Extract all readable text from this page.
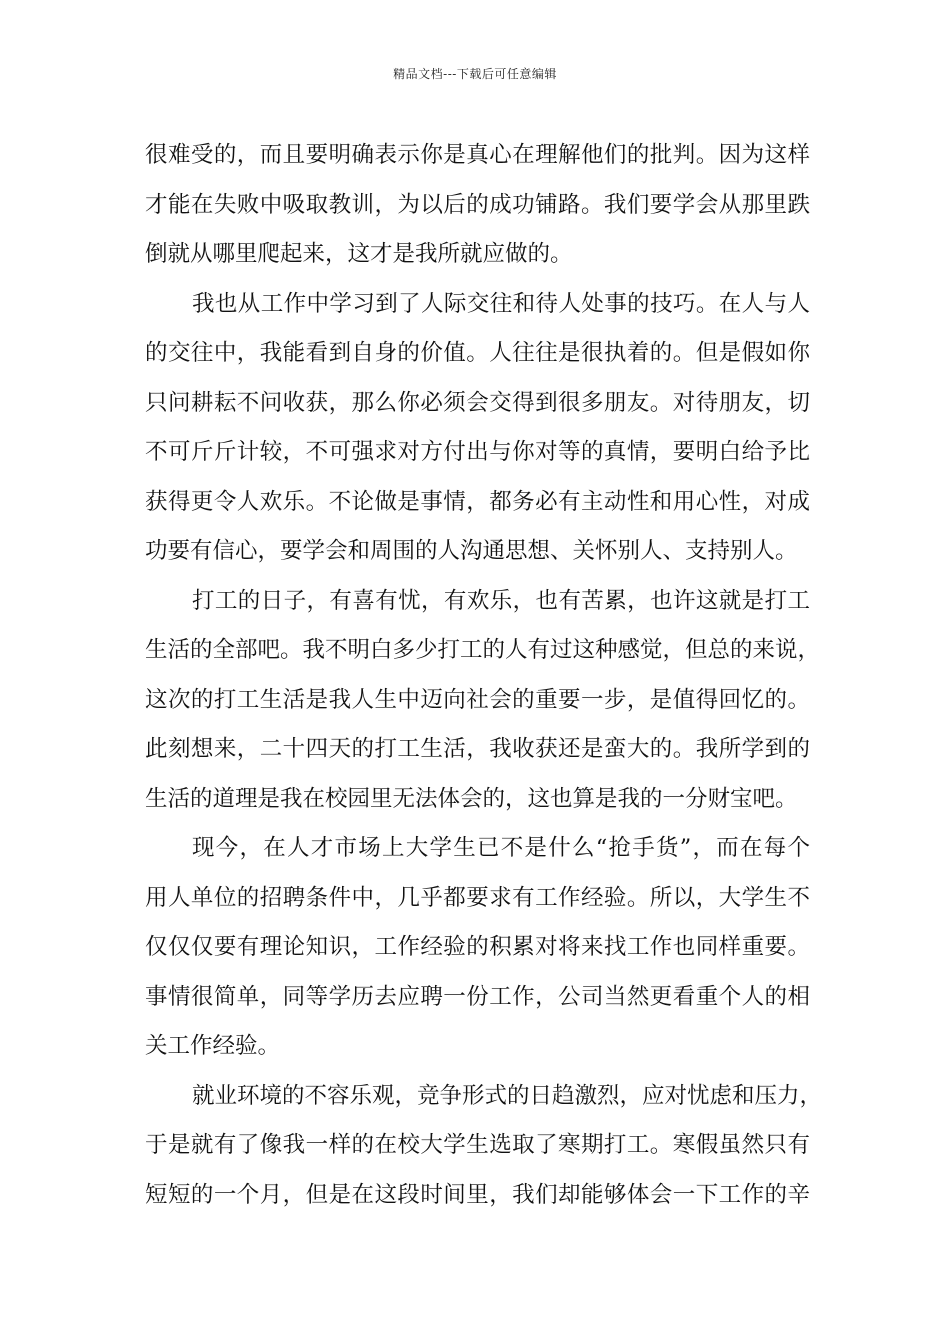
精品文档---下载后可任意编辑
很难受的，而且要明确表示你是真心在理解他们的批判。因为这样
才能在失败中吸取教训，为以后的成功铺路。我们要学会从那里跌
倒就从哪里爬起来，这才是我所就应做的。
我也从工作中学习到了人际交往和待人处事的技巧。在人与人
的交往中，我能看到自身的价值。人往往是很执着的。但是假如你
只问耕耘不问收获，那么你必须会交得到很多朋友。对待朋友，切
不可斤斤计较，不可强求对方付出与你对等的真情，要明白给予比
获得更令人欢乐。不论做是事情，都务必有主动性和用心性，对成
功要有信心，要学会和周围的人沟通思想、关怀别人、支持别人。
打工的日子，有喜有忧，有欢乐，也有苦累，也许这就是打工
生活的全部吧。我不明白多少打工的人有过这种感觉，但总的来说，
这次的打工生活是我人生中迈向社会的重要一步，是值得回忆的。
此刻想来，二十四天的打工生活，我收获还是蛮大的。我所学到的
生活的道理是我在校园里无法体会的，这也算是我的一分财宝吧。
现今，在人才市场上大学生已不是什么“抢手货”，而在每个
用人单位的招聘条件中，几乎都要求有工作经验。所以，大学生不
仅仅仅要有理论知识，工作经验的积累对将来找工作也同样重要。
事情很简单，同等学历去应聘一份工作，公司当然更看重个人的相
关工作经验。
就业环境的不容乐观，竞争形式的日趋激烈，应对忧虑和压力，
于是就有了像我一样的在校大学生选取了寒期打工。寒假虽然只有
短短的一个月，但是在这段时间里，我们却能够体会一下工作的辛
